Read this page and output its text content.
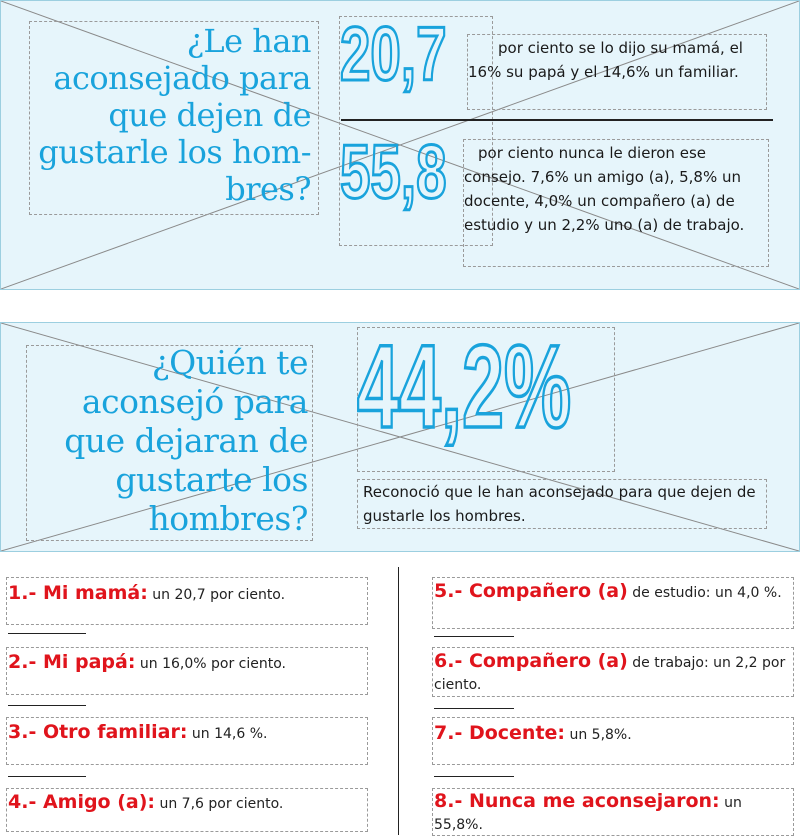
¿Le han aconsejado para que dejen de gustarle los hom-bres?
20,7
55,8
por ciento se lo dijo su mamá, el 16% su papá y el 14,6% un familiar.
por ciento nunca le dieron ese consejo. 7,6% un amigo (a), 5,8% un docente, 4,0% un compañero (a) de estudio y un 2,2% uno (a) de trabajo.
¿Quién te aconsejó para que dejaran de gustarte los hombres?
44,2%
Reconoció que le han aconsejado para que dejen de gustarle los hombres.
1.- Mi mamá: un 20,7 por ciento.
2.- Mi papá: un 16,0% por ciento.
3.- Otro familiar: un 14,6 %.
4.- Amigo (a): un 7,6 por ciento.
5.- Compañero (a) de estudio: un 4,0 %.
6.- Compañero (a) de trabajo: un 2,2 por ciento.
7.- Docente: un 5,8%.
8.- Nunca me aconsejaron: un 55,8%.
